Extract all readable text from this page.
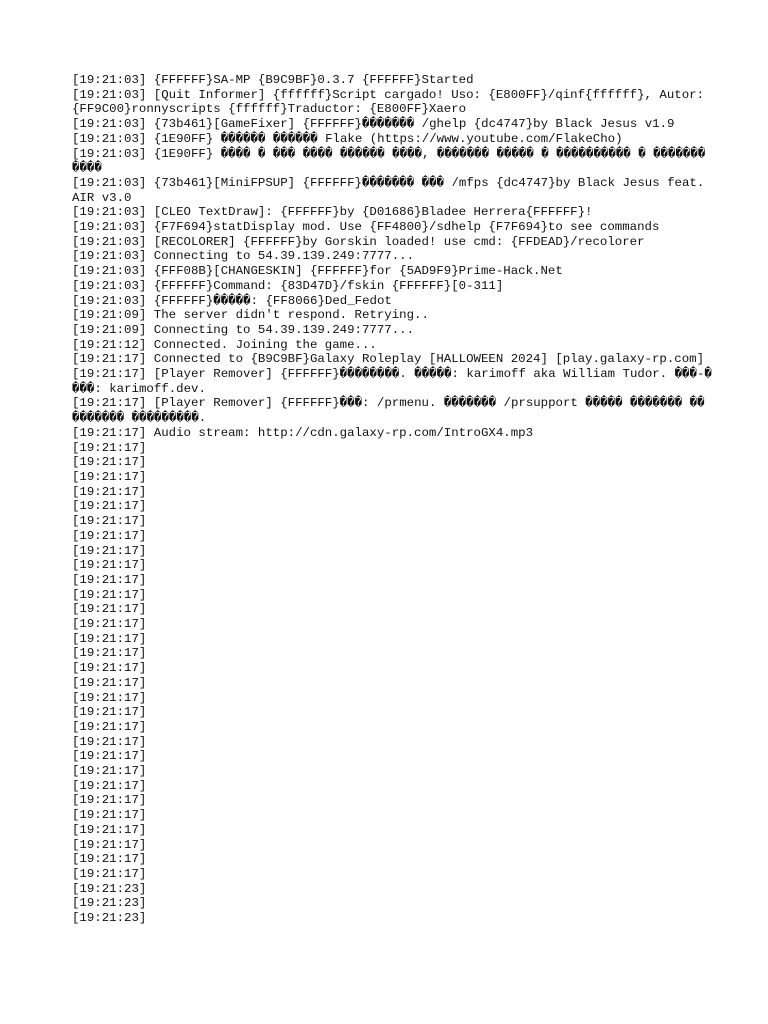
[19:21:03] {FFFFFF}SA-MP {B9C9BF}0.3.7 {FFFFFF}Started
[19:21:03] [Quit Informer] {ffffff}Script cargado! Uso: {E800FF}/qinf{ffffff}, Autor: {FF9C00}ronnyscripts {ffffff}Traductor: {E800FF}Xaero
[19:21:03] {73b461}[GameFixer] {FFFFFF}������� /ghelp {dc4747}by Black Jesus v1.9
[19:21:03] {1E90FF} ������ ������ Flake (https://www.youtube.com/FlakeCho)
[19:21:03] {1E90FF} ���� � ��� ���� ������ ����, ������� ����� � ���������� � �����������
[19:21:03] {73b461}[MiniFPSUP] {FFFFFF}������� ��� /mfps {dc4747}by Black Jesus feat. AIR v3.0
[19:21:03] [CLEO TextDraw]: {FFFFFF}by {D01686}Bladee Herrera{FFFFFF}!
[19:21:03] {F7F694}statDisplay mod. Use {FF4800}/sdhelp {F7F694}to see commands
[19:21:03] [RECOLORER] {FFFFFF}by Gorskin loaded! use cmd: {FFDEAD}/recolorer
[19:21:03] Connecting to 54.39.139.249:7777...
[19:21:03] {FFF08B}[CHANGESKIN] {FFFFFF}for {5AD9F9}Prime-Hack.Net
[19:21:03] {FFFFFF}Command: {83D47D}/fskin {FFFFFF}[0-311]
[19:21:03] {FFFFFF}�����: {FF8066}Ded_Fedot
[19:21:09] The server didn't respond. Retrying..
[19:21:09] Connecting to 54.39.139.249:7777...
[19:21:12] Connected. Joining the game...
[19:21:17] Connected to {B9C9BF}Galaxy Roleplay [HALLOWEEN 2024] [play.galaxy-rp.com]
[19:21:17] [Player Remover] {FFFFFF}��������. �����: karimoff aka William Tudor. ���-����: karimoff.dev.
[19:21:17] [Player Remover] {FFFFFF}���: /prmenu. ������� /prsupport ����� ������� �� ������� ���������.
[19:21:17] Audio stream: http://cdn.galaxy-rp.com/IntroGX4.mp3
[19:21:17]
[19:21:17]
[19:21:17]
[19:21:17]
[19:21:17]
[19:21:17]
[19:21:17]
[19:21:17]
[19:21:17]
[19:21:17]
[19:21:17]
[19:21:17]
[19:21:17]
[19:21:17]
[19:21:17]
[19:21:17]
[19:21:17]
[19:21:17]
[19:21:17]
[19:21:17]
[19:21:17]
[19:21:17]
[19:21:17]
[19:21:17]
[19:21:17]
[19:21:17]
[19:21:17]
[19:21:17]
[19:21:17]
[19:21:17]
[19:21:23]
[19:21:23]
[19:21:23]
